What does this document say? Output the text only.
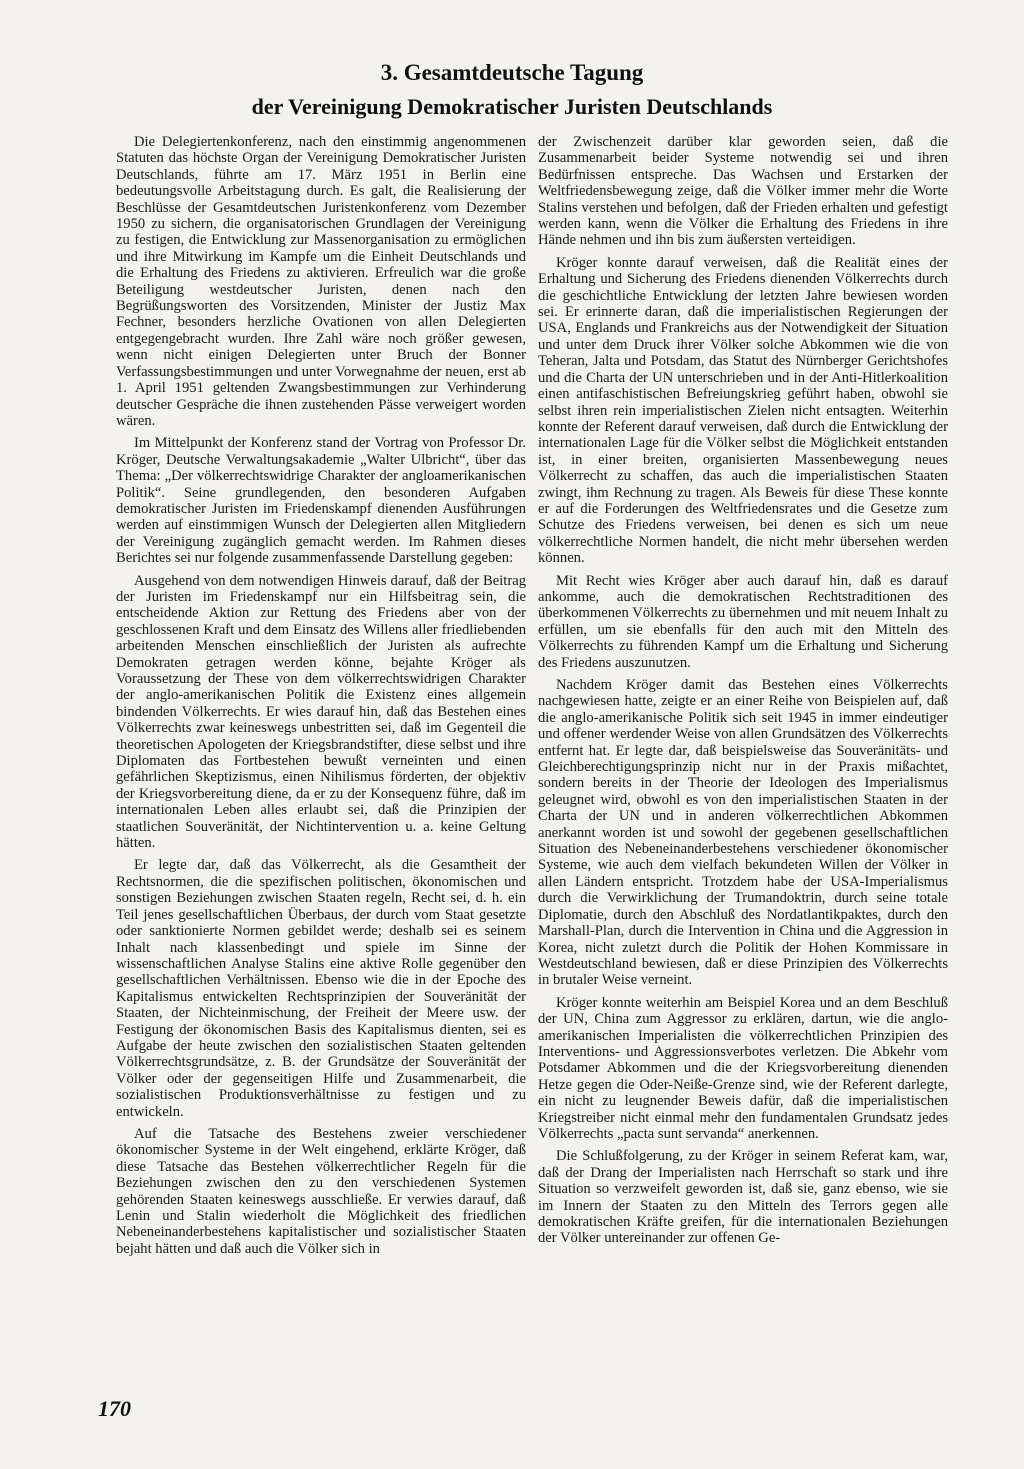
3. Gesamtdeutsche Tagung
der Vereinigung Demokratischer Juristen Deutschlands

Die Delegiertenkonferenz, nach den einstimmig angenommenen Statuten das höchste Organ der Vereinigung Demokratischer Juristen Deutschlands, führte am 17. März 1951 in Berlin eine bedeutungsvolle Arbeitstagung durch. Es galt, die Realisierung der Beschlüsse der Gesamtdeutschen Juristenkonferenz vom Dezember 1950 zu sichern, die organisatorischen Grundlagen der Vereinigung zu festigen, die Entwicklung zur Massenorganisation zu ermöglichen und ihre Mitwirkung im Kampfe um die Einheit Deutschlands und die Erhaltung des Friedens zu aktivieren. Erfreulich war die große Beteiligung westdeutscher Juristen, denen nach den Begrüßungsworten des Vorsitzenden, Minister der Justiz Max Fechner, besonders herzliche Ovationen von allen Delegierten entgegengebracht wurden. Ihre Zahl wäre noch größer gewesen, wenn nicht einigen Delegierten unter Bruch der Bonner Verfassungsbestimmungen und unter Vorwegnahme der neuen, erst ab 1. April 1951 geltenden Zwangsbestimmungen zur Verhinderung deutscher Gespräche die ihnen zustehenden Pässe verweigert worden wären.

Im Mittelpunkt der Konferenz stand der Vortrag von Professor Dr. Kröger, Deutsche Verwaltungsakademie „Walter Ulbricht“, über das Thema: „Der völkerrechtswidrige Charakter der angloamerikanischen Politik“. Seine grundlegenden, den besonderen Aufgaben demokratischer Juristen im Friedenskampf dienenden Ausführungen werden auf einstimmigen Wunsch der Delegierten allen Mitgliedern der Vereinigung zugänglich gemacht werden. Im Rahmen dieses Berichtes sei nur folgende zusammenfassende Darstellung gegeben:

Ausgehend von dem notwendigen Hinweis darauf, daß der Beitrag der Juristen im Friedenskampf nur ein Hilfsbeitrag sein, die entscheidende Aktion zur Rettung des Friedens aber von der geschlossenen Kraft und dem Einsatz des Willens aller friedliebenden arbeitenden Menschen einschließlich der Juristen als aufrechte Demokraten getragen werden könne, bejahte Kröger als Voraussetzung der These von dem völkerrechtswidrigen Charakter der anglo-amerikanischen Politik die Existenz eines allgemein bindenden Völkerrechts. Er wies darauf hin, daß das Bestehen eines Völkerrechts zwar keineswegs unbestritten sei, daß im Gegenteil die theoretischen Apologeten der Kriegsbrandstifter, diese selbst und ihre Diplomaten das Fortbestehen bewußt verneinten und einen gefährlichen Skeptizismus, einen Nihilismus förderten, der objektiv der Kriegsvorbereitung diene, da er zu der Konsequenz führe, daß im internationalen Leben alles erlaubt sei, daß die Prinzipien der staatlichen Souveränität, der Nichtintervention u. a. keine Geltung hätten.

Er legte dar, daß das Völkerrecht, als die Gesamtheit der Rechtsnormen, die die spezifischen politischen, ökonomischen und sonstigen Beziehungen zwischen Staaten regeln, Recht sei, d. h. ein Teil jenes gesellschaftlichen Überbaus, der durch vom Staat gesetzte oder sanktionierte Normen gebildet werde; deshalb sei es seinem Inhalt nach klassenbedingt und spiele im Sinne der wissenschaftlichen Analyse Stalins eine aktive Rolle gegenüber den gesellschaftlichen Verhältnissen. Ebenso wie die in der Epoche des Kapitalismus entwickelten Rechtsprinzipien der Souveränität der Staaten, der Nichteinmischung, der Freiheit der Meere usw. der Festigung der ökonomischen Basis des Kapitalismus dienten, sei es Aufgabe der heute zwischen den sozialistischen Staaten geltenden Völkerrechtsgrundsätze, z. B. der Grundsätze der Souveränität der Völker oder der gegenseitigen Hilfe und Zusammenarbeit, die sozialistischen Produktionsverhältnisse zu festigen und zu entwickeln.

Auf die Tatsache des Bestehens zweier verschiedener ökonomischer Systeme in der Welt eingehend, erklärte Kröger, daß diese Tatsache das Bestehen völkerrechtlicher Regeln für die Beziehungen zwischen den zu den verschiedenen Systemen gehörenden Staaten keineswegs ausschließe. Er verwies darauf, daß Lenin und Stalin wiederholt die Möglichkeit des friedlichen Nebeneinanderbestehens kapitalistischer und sozialistischer Staaten bejaht hätten und daß auch die Völker sich in

der Zwischenzeit darüber klar geworden seien, daß die Zusammenarbeit beider Systeme notwendig sei und ihren Bedürfnissen entspreche. Das Wachsen und Erstarken der Weltfriedensbewegung zeige, daß die Völker immer mehr die Worte Stalins verstehen und befolgen, daß der Frieden erhalten und gefestigt werden kann, wenn die Völker die Erhaltung des Friedens in ihre Hände nehmen und ihn bis zum äußersten verteidigen.

Kröger konnte darauf verweisen, daß die Realität eines der Erhaltung und Sicherung des Friedens dienenden Völkerrechts durch die geschichtliche Entwicklung der letzten Jahre bewiesen worden sei. Er erinnerte daran, daß die imperialistischen Regierungen der USA, Englands und Frankreichs aus der Notwendigkeit der Situation und unter dem Druck ihrer Völker solche Abkommen wie die von Teheran, Jalta und Potsdam, das Statut des Nürnberger Gerichtshofes und die Charta der UN unterschrieben und in der Anti-Hitlerkoalition einen antifaschistischen Befreiungskrieg geführt haben, obwohl sie selbst ihren rein imperialistischen Zielen nicht entsagten. Weiterhin konnte der Referent darauf verweisen, daß durch die Entwicklung der internationalen Lage für die Völker selbst die Möglichkeit entstanden ist, in einer breiten, organisierten Massenbewegung neues Völkerrecht zu schaffen, das auch die imperialistischen Staaten zwingt, ihm Rechnung zu tragen. Als Beweis für diese These konnte er auf die Forderungen des Weltfriedensrates und die Gesetze zum Schutze des Friedens verweisen, bei denen es sich um neue völkerrechtliche Normen handelt, die nicht mehr übersehen werden können.

Mit Recht wies Kröger aber auch darauf hin, daß es darauf ankomme, auch die demokratischen Rechtstraditionen des überkommenen Völkerrechts zu übernehmen und mit neuem Inhalt zu erfüllen, um sie ebenfalls für den auch mit den Mitteln des Völkerrechts zu führenden Kampf um die Erhaltung und Sicherung des Friedens auszunutzen.

Nachdem Kröger damit das Bestehen eines Völkerrechts nachgewiesen hatte, zeigte er an einer Reihe von Beispielen auf, daß die anglo-amerikanische Politik sich seit 1945 in immer eindeutiger und offener werdender Weise von allen Grundsätzen des Völkerrechts entfernt hat. Er legte dar, daß beispielsweise das Souveränitäts- und Gleichberechtigungsprinzip nicht nur in der Praxis mißachtet, sondern bereits in der Theorie der Ideologen des Imperialismus geleugnet wird, obwohl es von den imperialistischen Staaten in der Charta der UN und in anderen völkerrechtlichen Abkommen anerkannt worden ist und sowohl der gegebenen gesellschaftlichen Situation des Nebeneinanderbestehens verschiedener ökonomischer Systeme, wie auch dem vielfach bekundeten Willen der Völker in allen Ländern entspricht. Trotzdem habe der USA-Imperialismus durch die Verwirklichung der Trumandoktrin, durch seine totale Diplomatie, durch den Abschluß des Nordatlantikpaktes, durch den Marshall-Plan, durch die Intervention in China und die Aggression in Korea, nicht zuletzt durch die Politik der Hohen Kommissare in Westdeutschland bewiesen, daß er diese Prinzipien des Völkerrechts in brutaler Weise verneint.

Kröger konnte weiterhin am Beispiel Korea und an dem Beschluß der UN, China zum Aggressor zu erklären, dartun, wie die anglo-amerikanischen Imperialisten die völkerrechtlichen Prinzipien des Interventions- und Aggressionsverbotes verletzen. Die Abkehr vom Potsdamer Abkommen und die der Kriegsvorbereitung dienenden Hetze gegen die Oder-Neiße-Grenze sind, wie der Referent darlegte, ein nicht zu leugnender Beweis dafür, daß die imperialistischen Kriegstreiber nicht einmal mehr den fundamentalen Grundsatz jedes Völkerrechts „pacta sunt servanda“ anerkennen.

Die Schlußfolgerung, zu der Kröger in seinem Referat kam, war, daß der Drang der Imperialisten nach Herrschaft so stark und ihre Situation so verzweifelt geworden ist, daß sie, ganz ebenso, wie sie im Innern der Staaten zu den Mitteln des Terrors gegen alle demokratischen Kräfte greifen, für die internationalen Beziehungen der Völker untereinander zur offenen Ge-

170
